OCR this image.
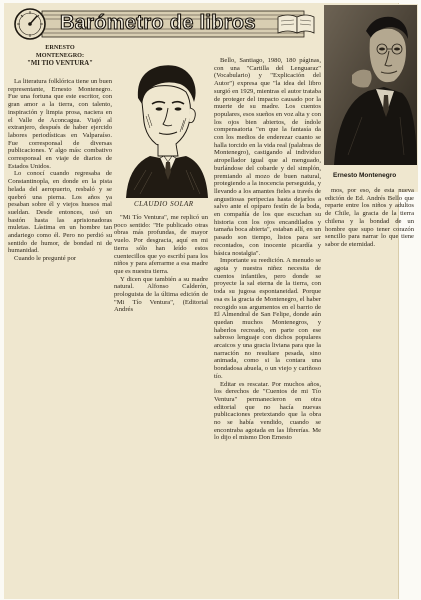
Barómetro de libros
ERNESTO MONTENEGRO:
"MI TIO VENTURA"
CLAUDIO SOLAR
Ernesto Montenegro

La literatura folklórica tiene un buen representante, Ernesto Montenegro. Fue una fortuna que este escritor, con gran amor a la tierra, con talento, inspiración y limpia prosa, naciera en el Valle de Aconcagua. Viajó al extranjero, después de haber ejercido labores periodísticas en Valparaíso. Fue corresponsal de diversas publicaciones. Y algo más: combativo corresponsal en viaje de diarios de Estados Unidos.

Lo conocí cuando regresaba de Constantinopla, en donde en la pista helada del aeropuerto, resbaló y se quebró una pierna. Los años ya pesaban sobre él y viejos huesos mal sueldan. Desde entonces, usó un bastón hasta las aprisionadoras muletas. Lástima en un hombre tan andariego como él. Pero no perdió su sentido de humor, de bondad ni de humanidad.

Cuando le pregunté por

"Mi Tío Ventura", me replicó un poco sentido: "He publicado otras obras más profundas, de mayor vuelo. Por desgracia, aquí en mi tierra sólo han leído estos cuentecillos que yo escribí para los niños y para aferrarme a esa madre que es nuestra tierra.

Y dicen que también a su madre natural. Alfonso Calderón, prologuista de la última edición de "Mi Tío Ventura", (Editorial Andrés

Bello, Santiago, 1980, 180 páginas, con una "Cartilla del Lenguaraz" (Vocabulario) y "Explicación del Autor") expresa que "la idea del libro surgió en 1929, mientras el autor trataba de proteger del impacto causado por la muerte de su madre. Los cuentos populares, esos sueños en voz alta y con los ojos bien abiertos, de índole compensatoria "en que la fantasía da con los medios de enderezar cuanto se halla torcido en la vida real (palabras de Montenegro), castigando al individuo atropellador igual que al menguado, burlándose del cobarde y del simplón, premiando al mozo de buen natural, protegiendo a la inocencia perseguida, y llevando a los amantes fieles a través de angustiosas peripecias hasta dejarlos a salvo ante el opíparo festín de la boda, en compañía de los que escuchan su historia con los ojos encandilados y tamaña boca abierta", estaban allí, en un pasado son tiempo, listos para ser recontados, con inocente picardía y básica nostalgia".

Importante su reedición. A menudo se agota y nuestra niñez necesita de cuentos infantiles, pero donde se proyecte la sal eterna de la tierra, con toda su jugosa espontaneidad. Porque esa es la gracia de Montenegro, el haber recogido sus argumentos en el barrio de El Almendral de San Felipe, donde aún quedan muchos Montenegros, y haberlos recreado, en parte con ese sabroso lenguaje con dichos populares arcaicos y una gracia liviana para que la narración no resultare pesada, sino animada, como si la contara una bondadosa abuela, o un viejo y cariñoso tío.

Editar es rescatar. Por muchos años, los derechos de "Cuentos de mi Tío Ventura" permanecieron en otra editorial que no hacía nuevas publicaciones pretextando que la obra no se había vendido, cuando se encontraba agotada en las librerías. Me lo dijo el mismo Don Ernesto

mos, por eso, de esta nueva edición de Ed. Andrés Bello que reparte entre los niños y adultos de Chile, la gracia de la tierra chilena y la bondad de un hombre que supo tener corazón sencillo para narrar lo que tiene sabor de eternidad.
